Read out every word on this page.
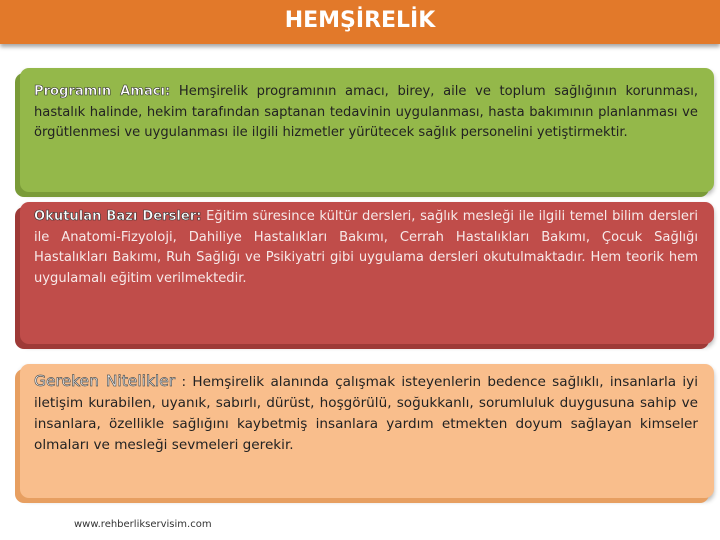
HEMŞİRELİK
Programın Amacı: Hemşirelik programının amacı, birey, aile ve toplum sağlığının korunması, hastalık halinde, hekim tarafından saptanan tedavinin uygulanması, hasta bakımının planlanması ve örgütlenmesi ve uygulanması ile ilgili hizmetler yürütecek sağlık personelini yetiştirmektir.
Okutulan Bazı Dersler: Eğitim süresince kültür dersleri, sağlık mesleği ile ilgili temel bilim dersleri ile Anatomi-Fizyoloji, Dahiliye Hastalıkları Bakımı, Cerrah Hastalıkları Bakımı, Çocuk Sağlığı Hastalıkları Bakımı, Ruh Sağlığı ve Psikiyatri gibi uygulama dersleri okutulmaktadır. Hem teorik hem uygulamalı eğitim verilmektedir.
Gereken Nitelikler : Hemşirelik alanında çalışmak isteyenlerin bedence sağlıklı, insanlarla iyi iletişim kurabilen, uyanık, sabırlı, dürüst, hoşgörülü, soğukkanlı, sorumluluk duygusuna sahip ve insanlara, özellikle sağlığını kaybetmiş insanlara yardım etmekten doyum sağlayan kimseler olmaları ve mesleği sevmeleri gerekir.
www.rehberlikservisim.com
